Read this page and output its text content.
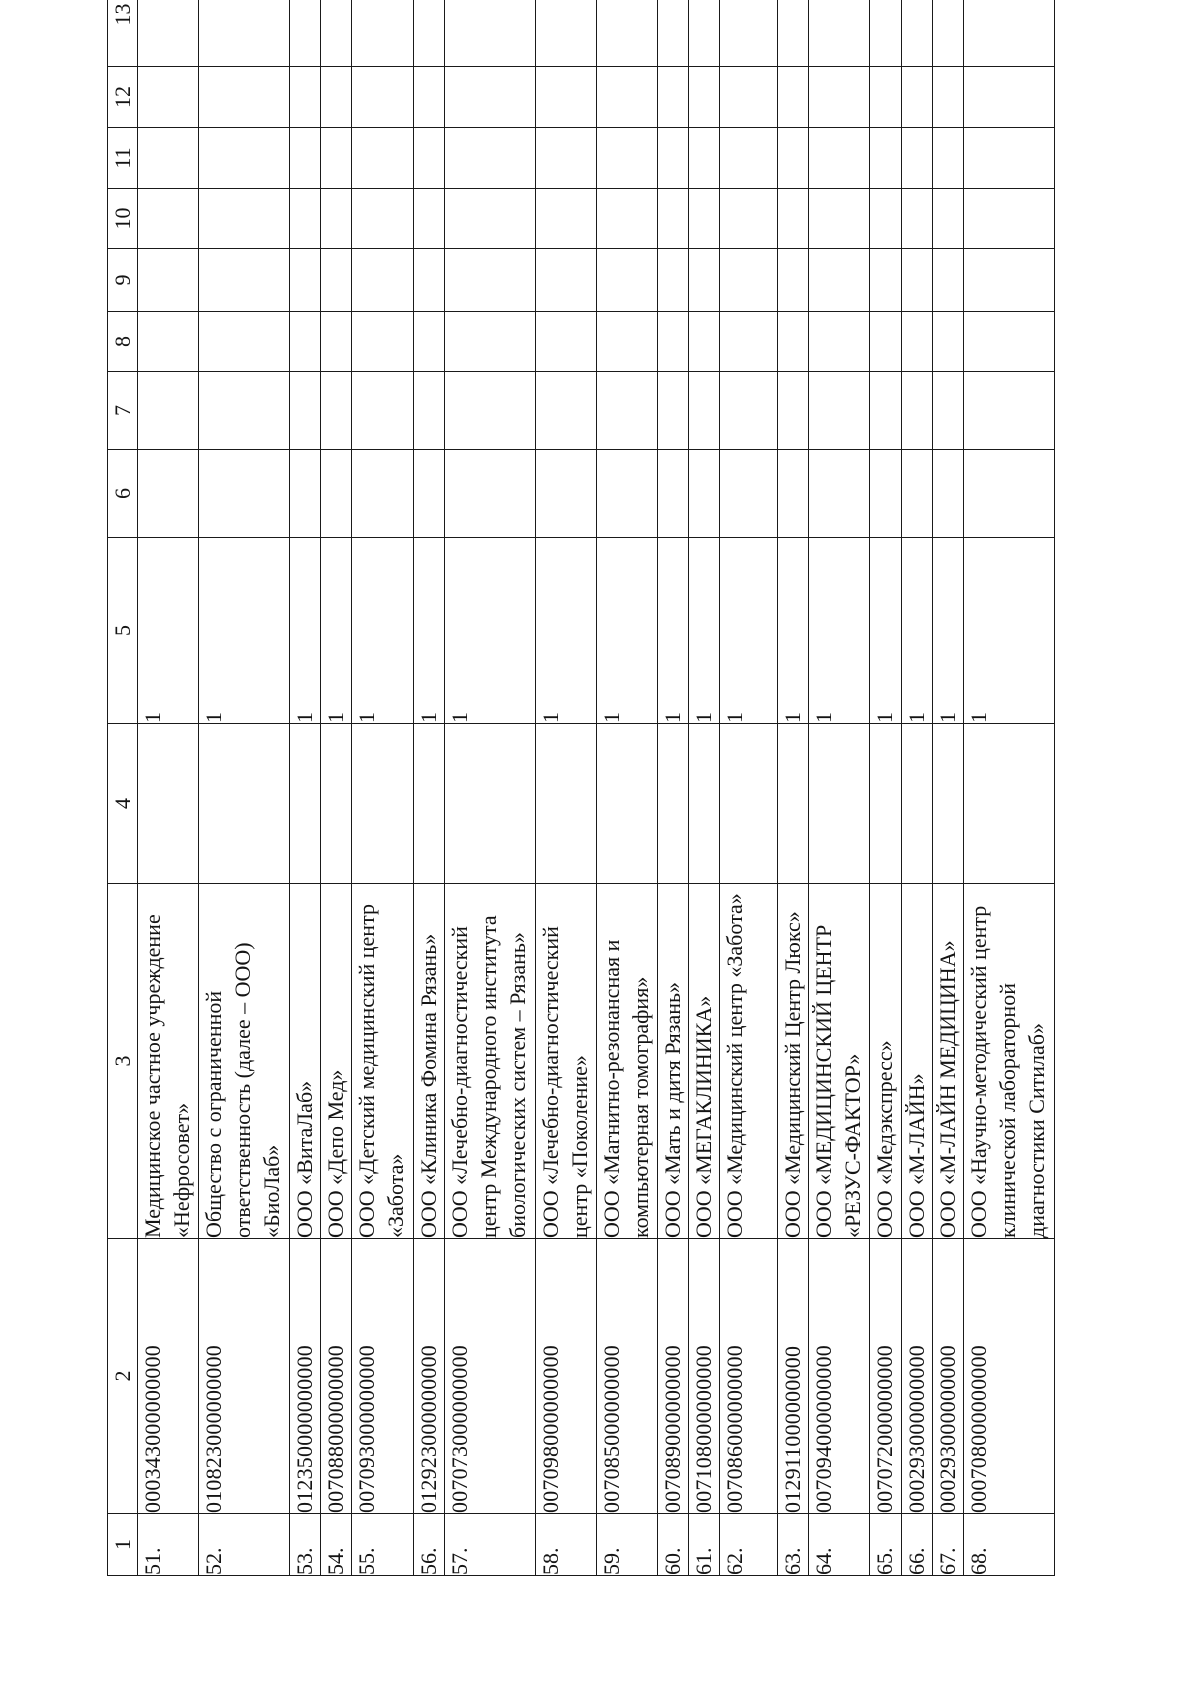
1	2	3	4	5	6	7	8	9	10	11	12	13
51.	000343000000000	Медицинское частное учреждение «Нефросовет»		1								
52.	010823000000000	Общество с ограниченной ответственность (далее – ООО) «БиоЛаб»		1								
53.	012350000000000	ООО «ВитаЛаб»		1								
54.	007088000000000	ООО «Депо Мед»		1								
55.	007093000000000	ООО «Детский медицинский центр «Забота»		1								
56.	012923000000000	ООО «Клиника Фомина Рязань»		1								
57.	007073000000000	ООО «Лечебно-диагностический центр Международного института биологических систем – Рязань»		1								
58.	007098000000000	ООО «Лечебно-диагностический центр «Поколение»		1								
59.	007085000000000	ООО «Магнитно-резонансная и компьютерная томография»		1								
60.	007089000000000	ООО «Мать и дитя Рязань»		1								
61.	007108000000000	ООО «МЕГАКЛИНИКА»		1								
62.	007086000000000	ООО «Медицинский центр «Забота»		1								
63.	012911000000000	ООО «Медицинский Центр Люкс»		1								
64.	007094000000000	ООО «МЕДИЦИНСКИЙ ЦЕНТР «РЕЗУС-ФАКТОР»		1								
65.	007072000000000	ООО «Медэкспресс»		1								
66.	000293000000000	ООО «М-ЛАЙН»		1								
67.	000293000000000	ООО «М-ЛАЙН МЕДИЦИНА»		1								
68.	000708000000000	ООО «Научно-методический центр клинической лабораторной диагностики Ситилаб»		1								
